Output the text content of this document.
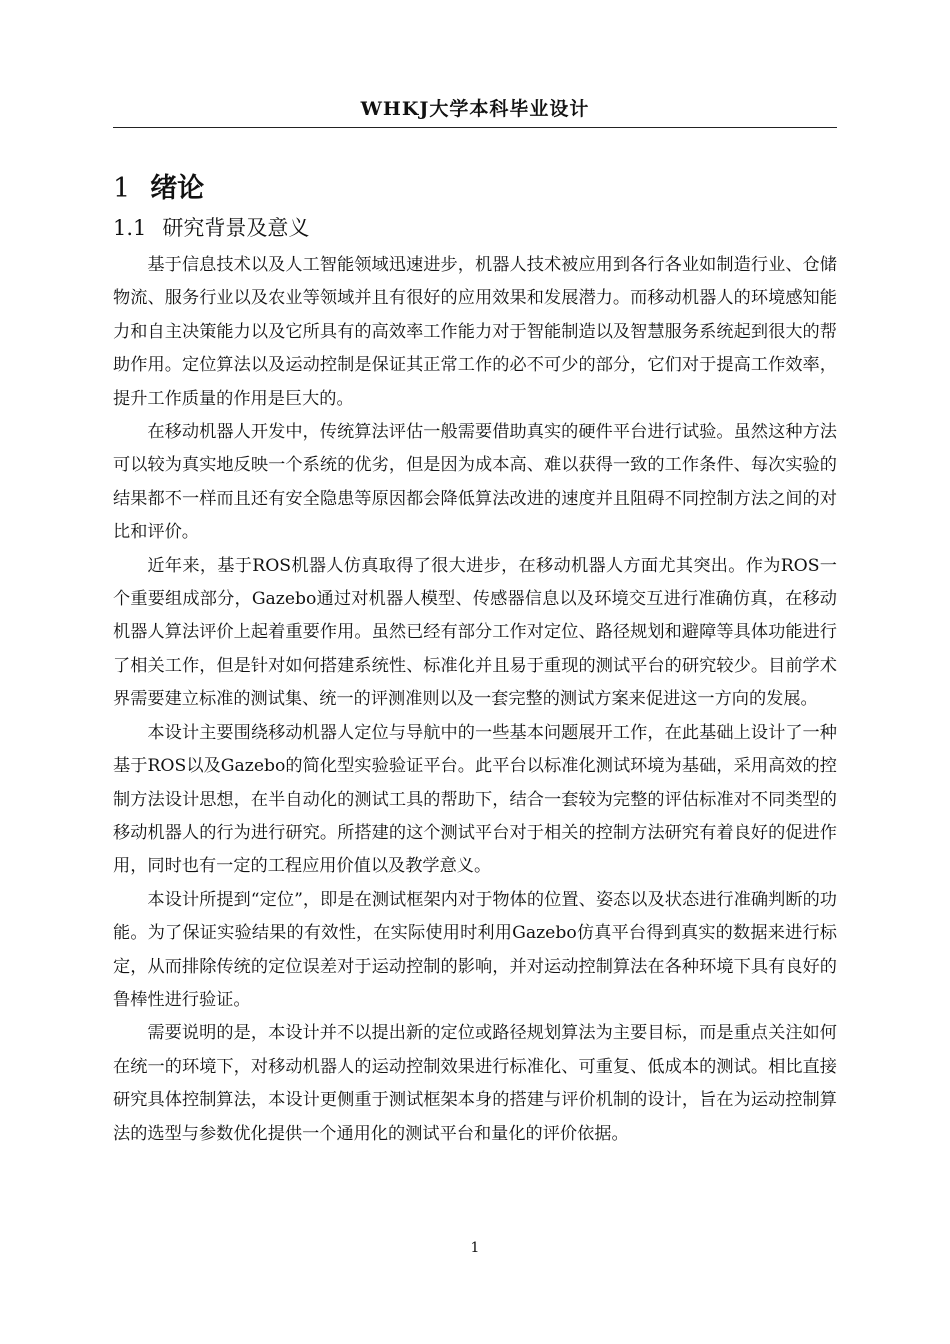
WHKJ大学本科毕业设计
1 绪论
1.1 研究背景及意义

基于信息技术以及人工智能领域迅速进步，机器人技术被应用到各行各业如制造行业、仓储物流、服务行业以及农业等领域并且有很好的应用效果和发展潜力。而移动机器人的环境感知能力和自主决策能力以及它所具有的高效率工作能力对于智能制造以及智慧服务系统起到很大的帮助作用。定位算法以及运动控制是保证其正常工作的必不可少的部分，它们对于提高工作效率，提升工作质量的作用是巨大的。

在移动机器人开发中，传统算法评估一般需要借助真实的硬件平台进行试验。虽然这种方法可以较为真实地反映一个系统的优劣，但是因为成本高、难以获得一致的工作条件、每次实验的结果都不一样而且还有安全隐患等原因都会降低算法改进的速度并且阻碍不同控制方法之间的对比和评价。

近年来，基于ROS机器人仿真取得了很大进步，在移动机器人方面尤其突出。作为ROS一个重要组成部分，Gazebo通过对机器人模型、传感器信息以及环境交互进行准确仿真，在移动机器人算法评价上起着重要作用。虽然已经有部分工作对定位、路径规划和避障等具体功能进行了相关工作，但是针对如何搭建系统性、标准化并且易于重现的测试平台的研究较少。目前学术界需要建立标准的测试集、统一的评测准则以及一套完整的测试方案来促进这一方向的发展。

本设计主要围绕移动机器人定位与导航中的一些基本问题展开工作，在此基础上设计了一种基于ROS以及Gazebo的简化型实验验证平台。此平台以标准化测试环境为基础，采用高效的控制方法设计思想，在半自动化的测试工具的帮助下，结合一套较为完整的评估标准对不同类型的移动机器人的行为进行研究。所搭建的这个测试平台对于相关的控制方法研究有着良好的促进作用，同时也有一定的工程应用价值以及教学意义。

本设计所提到“定位”，即是在测试框架内对于物体的位置、姿态以及状态进行准确判断的功能。为了保证实验结果的有效性，在实际使用时利用Gazebo仿真平台得到真实的数据来进行标定，从而排除传统的定位误差对于运动控制的影响，并对运动控制算法在各种环境下具有良好的鲁棒性进行验证。

需要说明的是，本设计并不以提出新的定位或路径规划算法为主要目标，而是重点关注如何在统一的环境下，对移动机器人的运动控制效果进行标准化、可重复、低成本的测试。相比直接研究具体控制算法，本设计更侧重于测试框架本身的搭建与评价机制的设计，旨在为运动控制算法的选型与参数优化提供一个通用化的测试平台和量化的评价依据。

1
